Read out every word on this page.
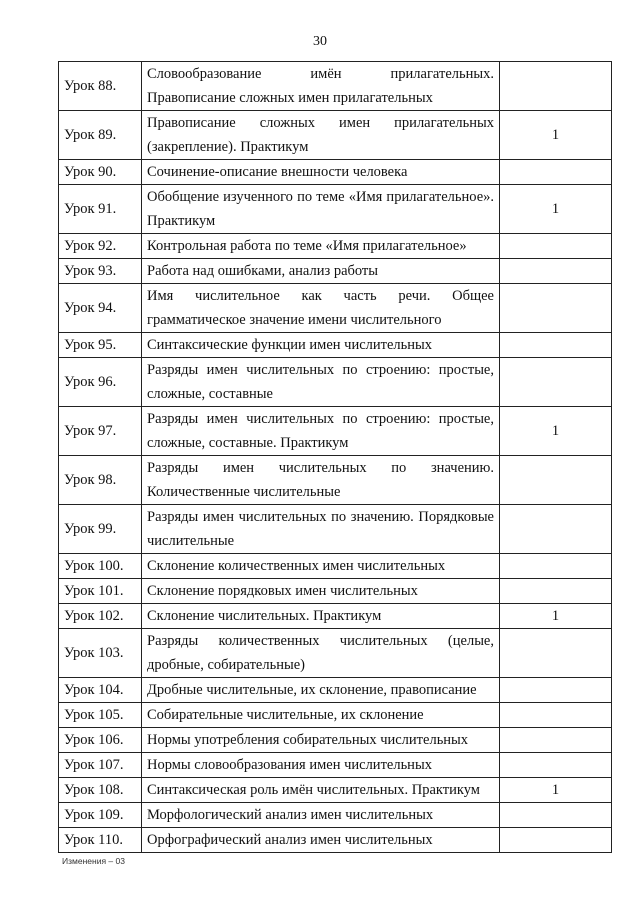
30
Урок 88.	Словообразование имён прилагательных. Правописание сложных имен прилагательных	
Урок 89.	Правописание сложных имен прилагательных (закрепление). Практикум	1
Урок 90.	Сочинение-описание внешности человека	
Урок 91.	Обобщение изученного по теме «Имя прилагательное». Практикум	1
Урок 92.	Контрольная работа по теме «Имя прилагательное»	
Урок 93.	Работа над ошибками, анализ работы	
Урок 94.	Имя числительное как часть речи. Общее грамматическое значение имени числительного	
Урок 95.	Синтаксические функции имен числительных	
Урок 96.	Разряды имен числительных по строению: простые, сложные, составные	
Урок 97.	Разряды имен числительных по строению: простые, сложные, составные. Практикум	1
Урок 98.	Разряды имен числительных по значению. Количественные числительные	
Урок 99.	Разряды имен числительных по значению. Порядковые числительные	
Урок 100.	Склонение количественных имен числительных	
Урок 101.	Склонение порядковых имен числительных	
Урок 102.	Склонение числительных. Практикум	1
Урок 103.	Разряды количественных числительных (целые, дробные, собирательные)	
Урок 104.	Дробные числительные, их склонение, правописание	
Урок 105.	Собирательные числительные, их склонение	
Урок 106.	Нормы употребления собирательных числительных	
Урок 107.	Нормы словообразования имен числительных	
Урок 108.	Синтаксическая роль имён числительных. Практикум	1
Урок 109.	Морфологический анализ имен числительных	
Урок 110.	Орфографический анализ имен числительных	
Изменения – 03
